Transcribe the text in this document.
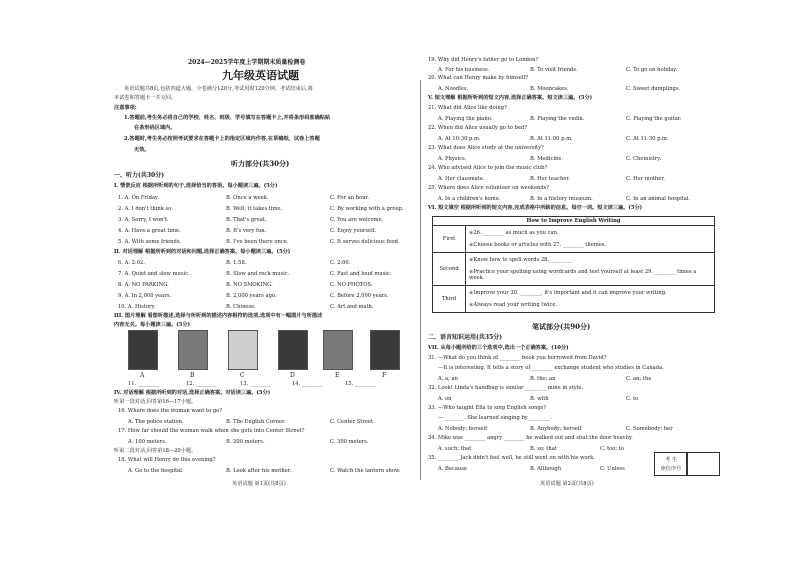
2024—2025学年度上学期期末质量检测卷
九年级英语试题
英语试题共8页,包括四道大题。全卷满分120分,考试用时120分钟。考试结束后,将
本试卷和答题卡一并交回。
注意事项:
1.答题前,考生务必将自己的学校、姓名、班级、学号填写在答题卡上,并将条形码准确粘贴
在条形码区域内。
2.答题时,考生务必按照考试要求在答题卡上的指定区域内作答,在草稿纸、试卷上答题
无效。
听力部分(共30分)
一、听力(共30分)
I. 情景反应 根据所听到的句子,选择恰当的答语。每小题读三遍。(5分)
1. A. On Friday.	B. Once a week.	C. For an hour.
2. A. I don't think so.	B. Well, it takes time.	C. By working with a group.
3. A. Sorry, I won't.	B. That's great.	C. You are welcome.
4. A. Have a great time.	B. It's very fun.	C. Enjoy yourself.
5. A. With some friends.	B. I've been there once.	C. It serves delicious food.
II. 对话理解 根据所听到的对话和问题,选择正确答案。每小题读三遍。(5分)
6. A. 2:02.	B. 1:58.	C. 2:00.
7. A. Quiet and slow music.	B. Slow and rock music.	C. Fast and loud music.
8. A. NO PARKING.	B. NO SMOKING.	C. NO PHOTOS.
9. A. In 2,000 years.	B. 2,000 years ago.	C. Before 2,000 years.
10. A. History.	B. Chinese.	C. Art and math.
III. 图片理解 看图听描述,选择与所听到的描述内容相符的选项,选项中有一幅图片与所描述
内容无关。每小题读三遍。(5分)
A	B	C	D	E	F
11. ________	12. ________	13. ________	14. ________	15. ________
IV. 对话理解 根据所听到的对话,选择正确答案。对话读三遍。(5分)
听第一段对话,回答第16—17小题。
16. Where does the woman want to go?
A. The police station.	B. The English Corner.	C. Center Street.
17. How far should the woman walk when she gets into Center Street?
A. 100 meters.	B. 200 meters.	C. 300 meters.
听第二段对话,回答第18—20小题。
18. What will Henry do this evening?
A. Go to the hospital.	B. Look after his mother.	C. Watch the lantern show.
英语试题 第1页(共8页)
19. Why did Henry's father go to London?
A. For his business.	B. To visit friends.	C. To go on holiday.
20. What can Henry make by himself?
A. Noodles.	B. Mooncakes.	C. Sweet dumplings.
V. 短文理解 根据所听到的短文内容,选择正确答案。短文读三遍。(5分)
21. What did Alice like doing?
A. Playing the piano.	B. Playing the violin.	C. Playing the guitar.
22. When did Alice usually go to bed?
A. At 10:30 p.m.	B. At 11:00 p.m.	C. At 11:30 p.m.
23. What does Alice study at the university?
A. Physics.	B. Medicine.	C. Chemistry.
24. Who advised Alice to join the music club?
A. Her classmate.	B. Her teacher.	C. Her mother.
25. Where does Alice volunteer on weekends?
A. In a children's home.	B. In a history museum.	C. In an animal hospital.
VI. 短文填空 根据所听到的短文内容,完成表格中所缺的信息。每空一词。短文读三遍。(5分)
How to Improve English Writing	
First	※26. ________ as much as you can.
※Choose books or articles with 27. ________ themes.

Second	※Know how to spell words 28. ________.
※Practice your spelling using wordcards and test yourself at least 29. ________ times a week.

Third	※Improve your 30. ________, it's important and it can improve your writing.
※Always read your writing twice.
笔试部分(共90分)
二、语言知识运用(共35分)
VII. 从每小题所给的三个选项中,选出一个正确答案。(10分)
31. —What do you think of ________ book you borrowed from David?
—It is interesting. It tells a story of ________ exchange student who studies in Canada.
A. a; an	B. the; an	C. an; the
32. Look! Linda's handbag is similar ________ mine in style.
A. on	B. with	C. to
33. —Who taught Ella to sing English songs?
—________. She learned singing by ________.
A. Nobody; herself	B. Anybody; herself	C. Somebody; her
34. Mike was ________ angry ________ he walked out and shut the door heavily.
A. such; that	B. so; that	C. too; to
35. ________ Jack didn't feel well, he still went on with his work.
A. Because	B. Although	C. Unless
考 生
座位序号
英语试题 第2页(共8页)
